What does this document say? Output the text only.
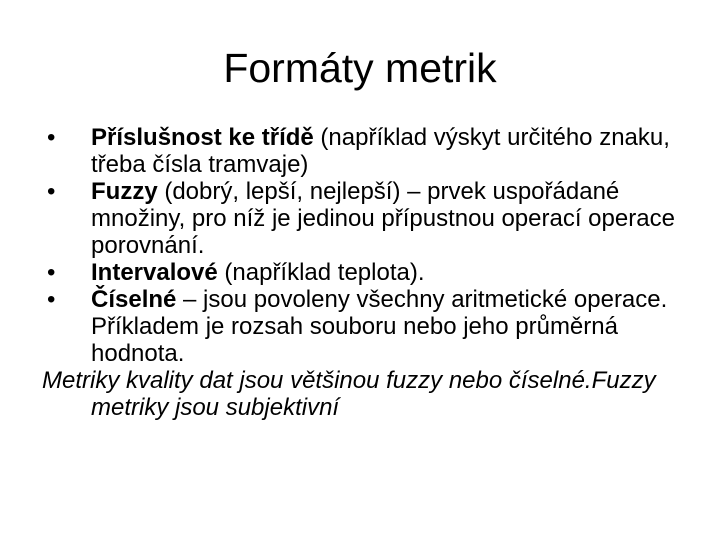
Formáty metrik
• Příslušnost ke třídě (například výskyt určitého znaku, třeba čísla tramvaje)
• Fuzzy (dobrý, lepší, nejlepší) – prvek uspořádané množiny, pro níž je jedinou přípustnou operací operace porovnání.
• Intervalové (například teplota).
• Číselné – jsou povoleny všechny aritmetické operace. Příkladem je rozsah souboru nebo jeho průměrná hodnota.
Metriky kvality dat jsou většinou fuzzy nebo číselné.Fuzzy metriky jsou subjektivní
